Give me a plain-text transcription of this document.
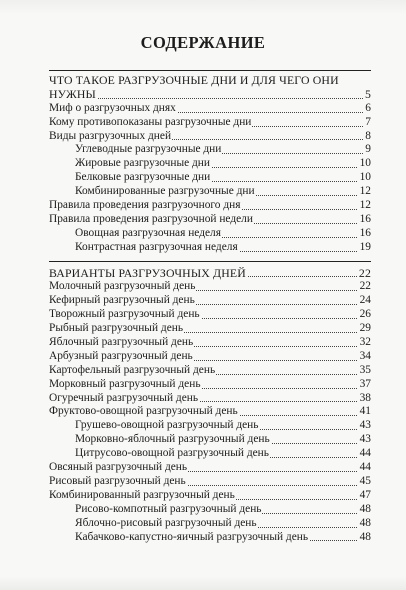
СОДЕРЖАНИЕ
ЧТО ТАКОЕ РАЗГРУЗОЧНЫЕ ДНИ И ДЛЯ ЧЕГО ОНИ
НУЖНЫ	5
Миф о разгрузочных днях	6
Кому противопоказаны разгрузочные дни	7
Виды разгрузочных дней	8
Углеводные разгрузочные дни	9
Жировые разгрузочные дни	10
Белковые разгрузочные дни	10
Комбинированные разгрузочные дни	12
Правила проведения разгрузочного дня	12
Правила проведения разгрузочной недели	16
Овощная разгрузочная неделя	16
Контрастная разгрузочная неделя	19
ВАРИАНТЫ РАЗГРУЗОЧНЫХ ДНЕЙ	22
Молочный разгрузочный день	22
Кефирный разгрузочный день	24
Творожный разгрузочный день	26
Рыбный разгрузочный день	29
Яблочный разгрузочный день	32
Арбузный разгрузочный день	34
Картофельный разгрузочный день	35
Морковный разгрузочный день	37
Огуречный разгрузочный день	38
Фруктово-овощной разгрузочный день	41
Грушево-овощной разгрузочный день	43
Морковно-яблочный разгрузочный день	43
Цитрусово-овощной разгрузочный день	44
Овсяный разгрузочный день	44
Рисовый разгрузочный день	45
Комбинированный разгрузочный день	47
Рисово-компотный разгрузочный день	48
Яблочно-рисовый разгрузочный день	48
Кабачково-капустно-яичный разгрузочный день	48
